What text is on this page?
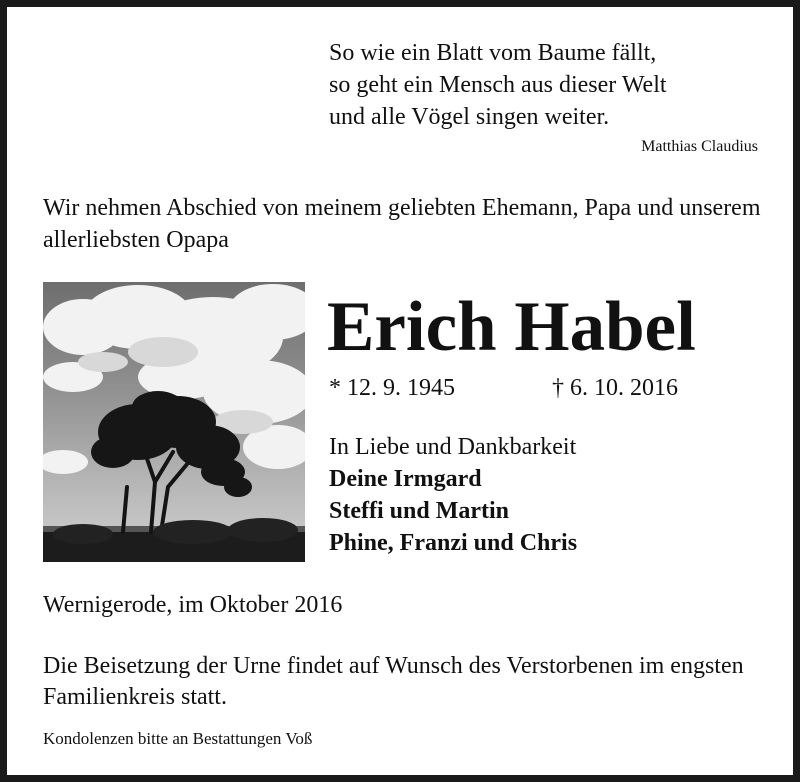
So wie ein Blatt vom Baume fällt,
so geht ein Mensch aus dieser Welt
und alle Vögel singen weiter.
Matthias Claudius
Wir nehmen Abschied von meinem geliebten Ehemann, Papa und unserem allerliebsten Opapa
Erich Habel
* 12. 9. 1945	† 6. 10. 2016
In Liebe und Dankbarkeit
Deine Irmgard
Steffi und Martin
Phine, Franzi und Chris
Wernigerode, im Oktober 2016
Die Beisetzung der Urne findet auf Wunsch des Verstorbenen im engsten Familienkreis statt.
Kondolenzen bitte an Bestattungen Voß
